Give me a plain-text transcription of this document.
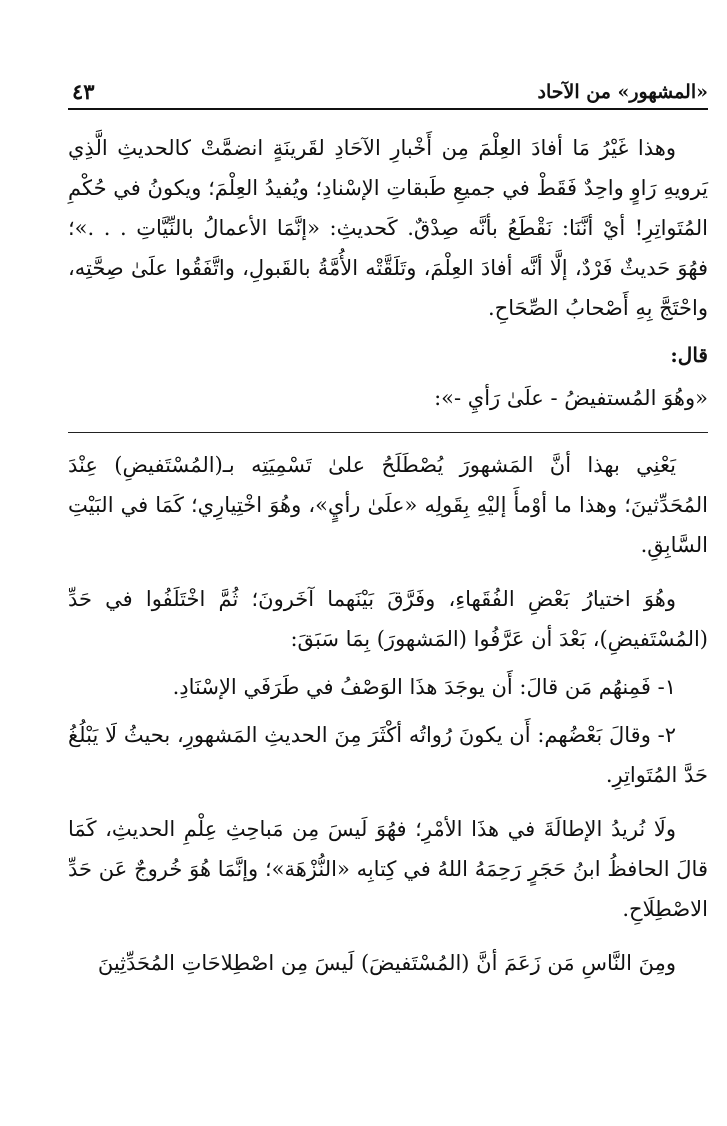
«المشهور» من الآحاد
٤٣

وهذا غَيْرُ مَا أفادَ العِلْمَ مِن أَخْبارِ الآحَادِ لقَرينَةٍ انضمَّتْ كالحديثِ الَّذِي يَرويهِ رَاوٍ واحِدٌ فَقَطْ في جميعِ طَبقاتِ الإسْنادِ؛ ويُفيدُ العِلْمَ؛ ويكونُ في حُكْمِ المُتَواتِرِ! أيْ أنَّنَا: نَقْطَعُ بأنَّه صِدْقٌ. كَحديثِ: «إنَّمَا الأعمالُ بالنِّيَّاتِ . . .»؛ فهُوَ حَديثٌ فَرْدٌ، إلَّا أنَّه أفادَ العِلْمَ، وتَلَقَّتْه الأُمَّةُ بالقَبولِ، واتَّفَقُوا علَىٰ صِحَّتِه، واحْتَجَّ بِهِ أَصْحابُ الصِّحَاحِ.

قال:
«وهُوَ المُستفيضُ - علَىٰ رَأيِ -»:

يَعْنِي بهذا أنَّ المَشهورَ يُصْطَلَحُ علىٰ تَسْمِيَتِه بـ(المُسْتَفيضِ) عِنْدَ المُحَدِّثينَ؛ وهذا ما أوْمأَ إليْهِ بِقَولِه «علَىٰ رأيٍ»، وهُوَ اخْتِيارِي؛ كَمَا في البَيْتِ السَّابِقِ.

وهُوَ اختيارُ بَعْضِ الفُقَهاءِ، وفَرَّقَ بَيْنَهما آخَرونَ؛ ثُمَّ اخْتَلَفُوا في حَدِّ (المُسْتَفيضِ)، بَعْدَ أن عَرَّفُوا (المَشهورَ) بِمَا سَبَقَ:

١- فَمِنهُم مَن قالَ: أَن يوجَدَ هذَا الوَصْفُ في طَرَفَي الإسْنَادِ.

٢- وقالَ بَعْضُهم: أَن يكونَ رُواتُه أكْثَرَ مِنَ الحديثِ المَشهورِ، بحيثُ لَا يَبْلُغُ حَدَّ المُتَواتِرِ.

ولَا نُريدُ الإطالَةَ في هذَا الأمْرِ؛ فهُوَ لَيسَ مِن مَباحِثِ عِلْمِ الحديثِ، كَمَا قالَ الحافظُ ابنُ حَجَرٍ رَحِمَهُ اللهُ في كِتابِه «النُّزْهَة»؛ وإنَّمَا هُوَ خُروجٌ عَن حَدِّ الاصْطِلَاحِ.

ومِنَ النَّاسِ مَن زَعَمَ أنَّ (المُسْتَفيضَ) لَيسَ مِن اصْطِلاحَاتِ المُحَدِّثِينَ
